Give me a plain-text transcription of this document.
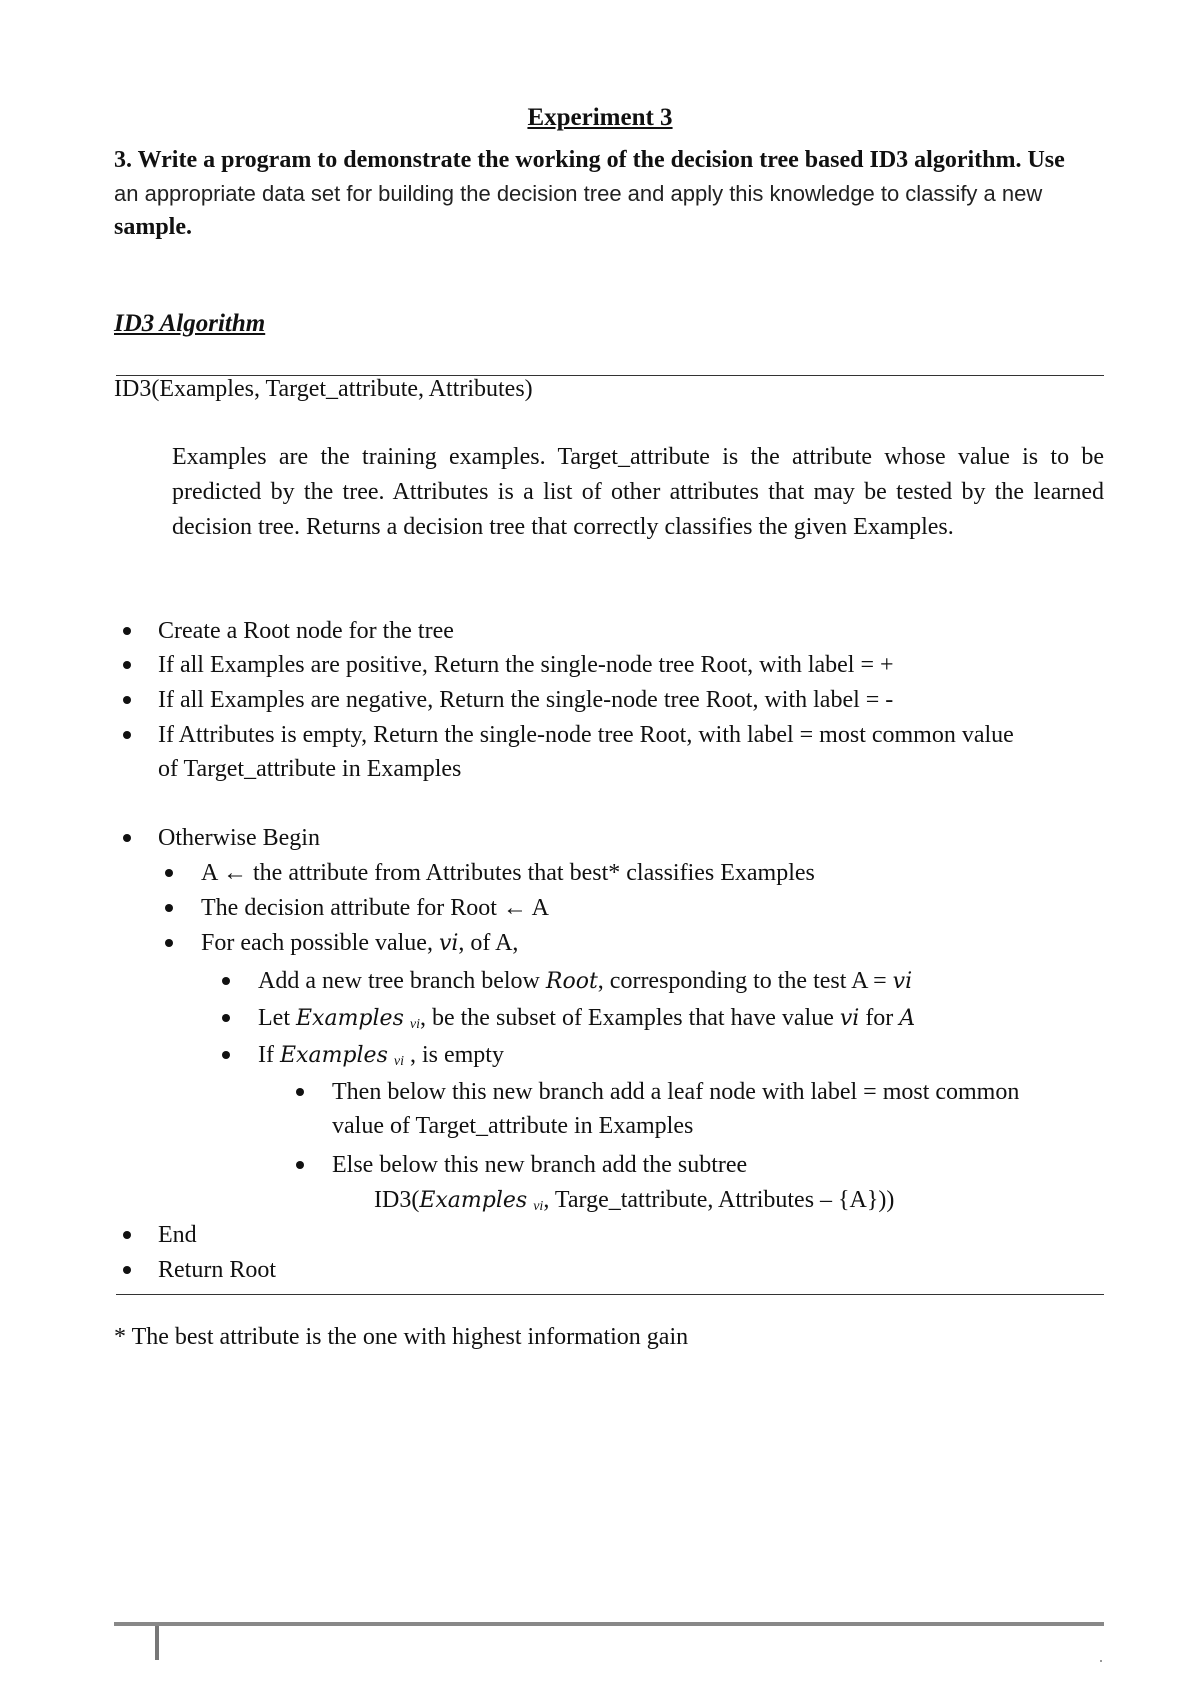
Experiment 3
3. Write a program to demonstrate the working of the decision tree based ID3 algorithm. Use
an appropriate data set for building the decision tree and apply this knowledge to classify a new
sample.
ID3 Algorithm
ID3(Examples, Target_attribute, Attributes)
Examples are the training examples. Target_attribute is the attribute whose value is to be predicted by the tree. Attributes is a list of other attributes that may be tested by the learned decision tree. Returns a decision tree that correctly classifies the given Examples.
Create a Root node for the tree
If all Examples are positive, Return the single-node tree Root, with label = +
If all Examples are negative, Return the single-node tree Root, with label = -
If Attributes is empty, Return the single-node tree Root, with label = most common value
of Target_attribute in Examples
Otherwise Begin
A ← the attribute from Attributes that best* classifies Examples
The decision attribute for Root ← A
For each possible value, vi, of A,
Add a new tree branch below Root, corresponding to the test A = vi
Let Examples $_{vi}$, be the subset of Examples that have value vi for A
If Examples $_{vi}$ , is empty
Then below this new branch add a leaf node with label = most common
value of Target_attribute in Examples
Else below this new branch add the subtree
ID3(Examples $_{vi}$, Targe_tattribute, Attributes – {A}))
End
Return Root
* The best attribute is the one with highest information gain
